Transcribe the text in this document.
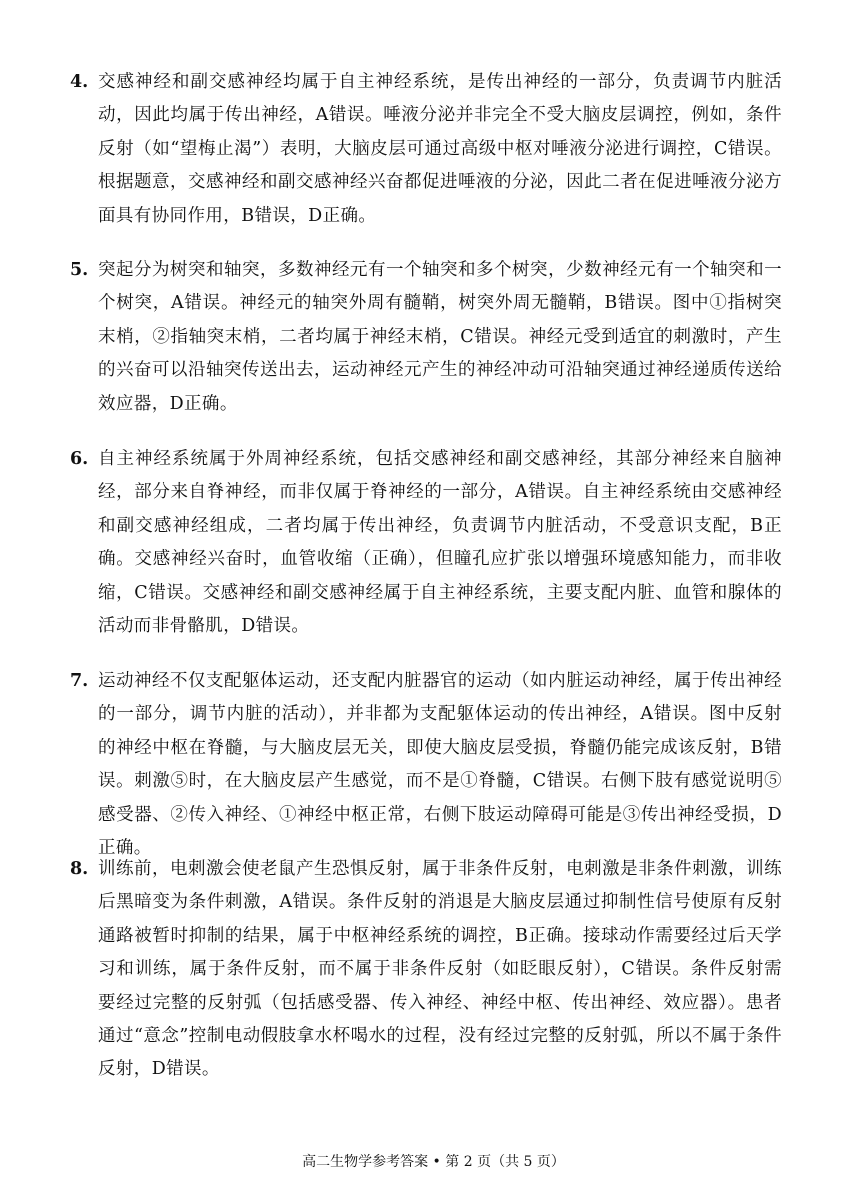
4. 交感神经和副交感神经均属于自主神经系统，是传出神经的一部分，负责调节内脏活动，因此均属于传出神经，A错误。唾液分泌并非完全不受大脑皮层调控，例如，条件反射（如“望梅止渴”）表明，大脑皮层可通过高级中枢对唾液分泌进行调控，C错误。根据题意，交感神经和副交感神经兴奋都促进唾液的分泌，因此二者在促进唾液分泌方面具有协同作用，B错误，D正确。
5. 突起分为树突和轴突，多数神经元有一个轴突和多个树突，少数神经元有一个轴突和一个树突，A错误。神经元的轴突外周有髓鞘，树突外周无髓鞘，B错误。图中①指树突末梢，②指轴突末梢，二者均属于神经末梢，C错误。神经元受到适宜的刺激时，产生的兴奋可以沿轴突传送出去，运动神经元产生的神经冲动可沿轴突通过神经递质传送给效应器，D正确。
6. 自主神经系统属于外周神经系统，包括交感神经和副交感神经，其部分神经来自脑神经，部分来自脊神经，而非仅属于脊神经的一部分，A错误。自主神经系统由交感神经和副交感神经组成，二者均属于传出神经，负责调节内脏活动，不受意识支配，B正确。交感神经兴奋时，血管收缩（正确），但瞳孔应扩张以增强环境感知能力，而非收缩，C错误。交感神经和副交感神经属于自主神经系统，主要支配内脏、血管和腺体的活动而非骨骼肌，D错误。
7. 运动神经不仅支配躯体运动，还支配内脏器官的运动（如内脏运动神经，属于传出神经的一部分，调节内脏的活动），并非都为支配躯体运动的传出神经，A错误。图中反射的神经中枢在脊髓，与大脑皮层无关，即使大脑皮层受损，脊髓仍能完成该反射，B错误。刺激⑤时，在大脑皮层产生感觉，而不是①脊髓，C错误。右侧下肢有感觉说明⑤感受器、②传入神经、①神经中枢正常，右侧下肢运动障碍可能是③传出神经受损，D正确。
8. 训练前，电刺激会使老鼠产生恐惧反射，属于非条件反射，电刺激是非条件刺激，训练后黑暗变为条件刺激，A错误。条件反射的消退是大脑皮层通过抑制性信号使原有反射通路被暂时抑制的结果，属于中枢神经系统的调控，B正确。接球动作需要经过后天学习和训练，属于条件反射，而不属于非条件反射（如眨眼反射），C错误。条件反射需要经过完整的反射弧（包括感受器、传入神经、神经中枢、传出神经、效应器）。患者通过“意念”控制电动假肢拿水杯喝水的过程，没有经过完整的反射弧，所以不属于条件反射，D错误。
高二生物学参考答案 • 第 2 页（共 5 页）
